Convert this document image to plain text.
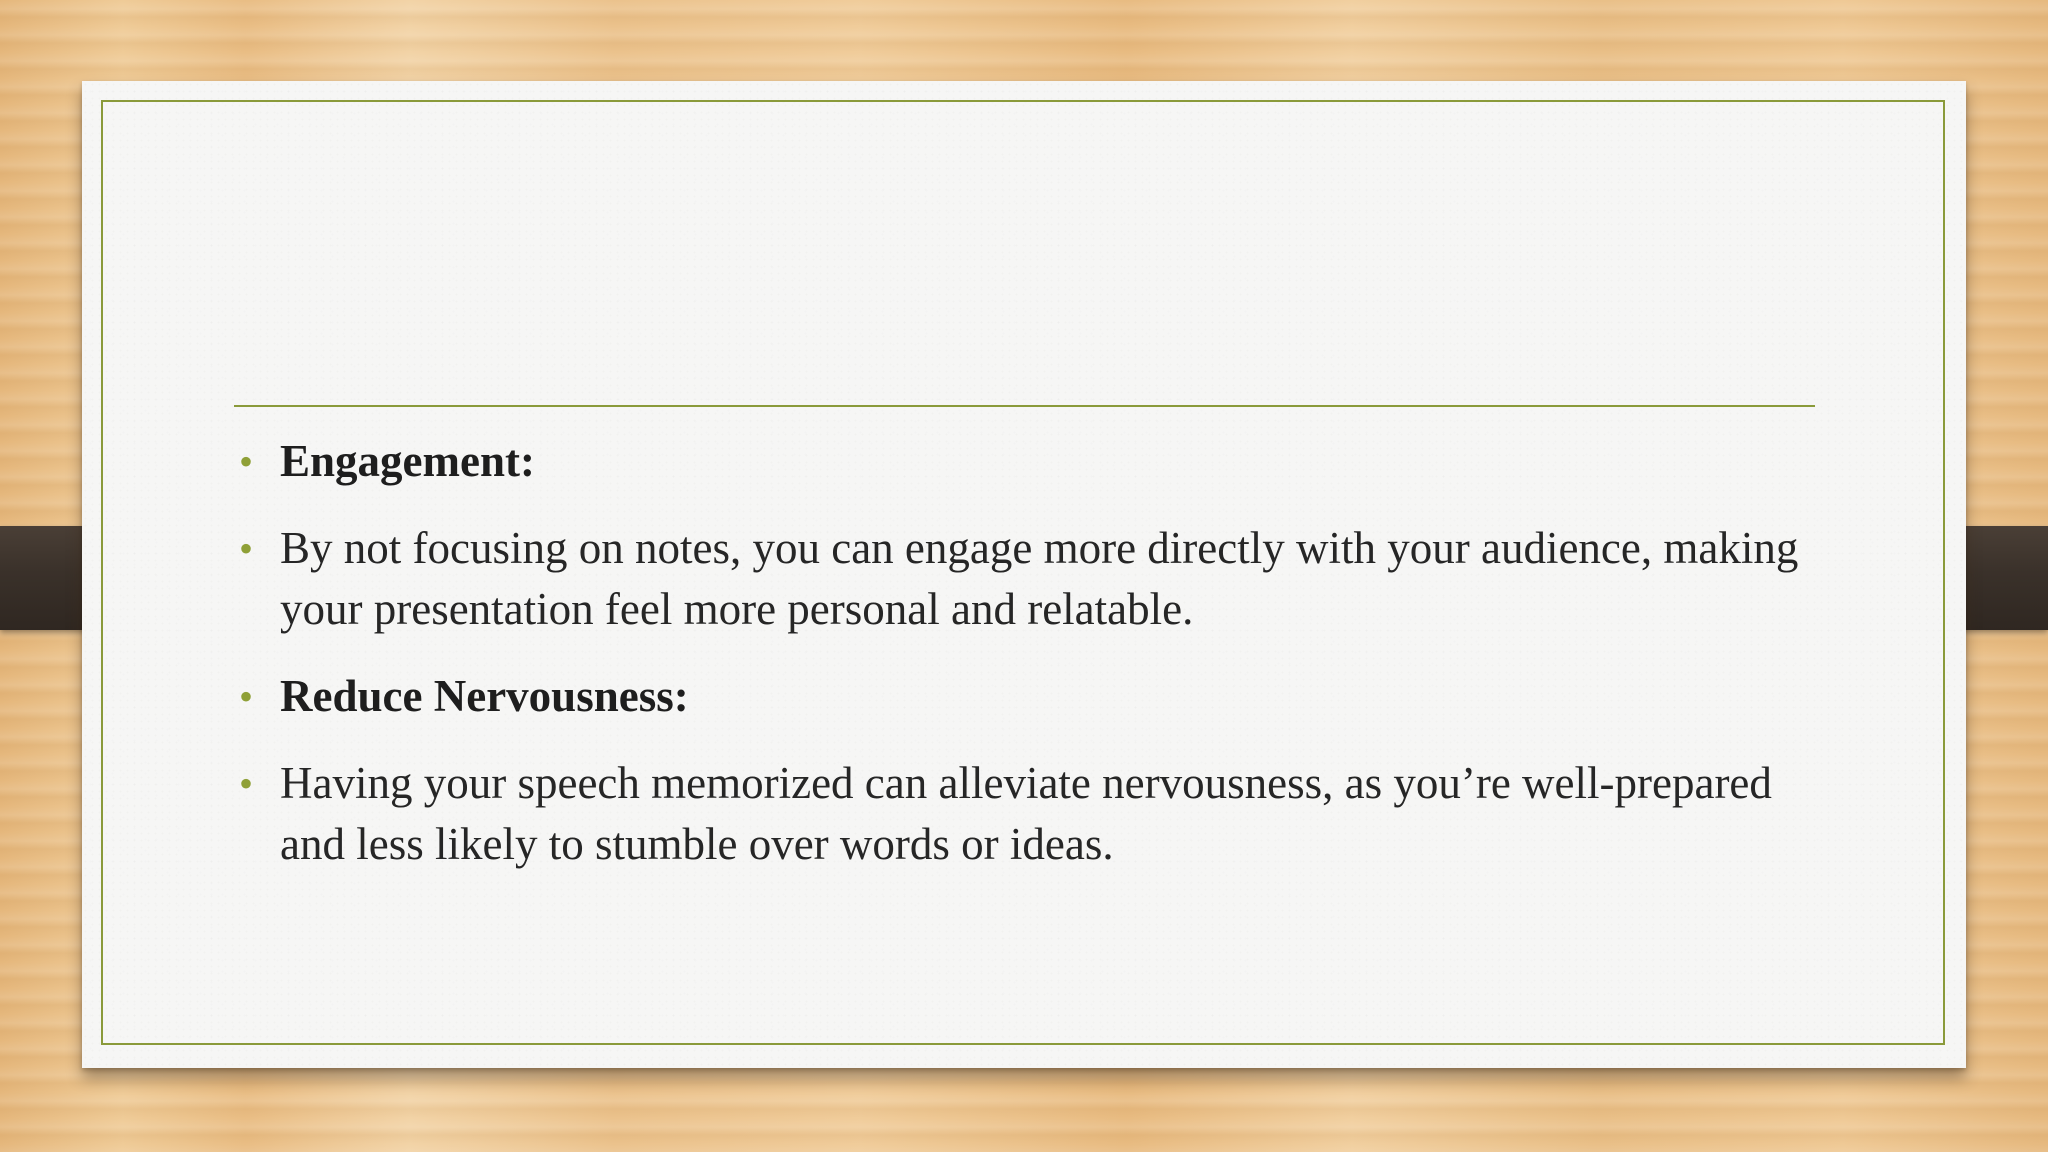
• Engagement:
• By not focusing on notes, you can engage more directly with your audience, making your presentation feel more personal and relatable.
• Reduce Nervousness:
• Having your speech memorized can alleviate nervousness, as you’re well-prepared and less likely to stumble over words or ideas.
